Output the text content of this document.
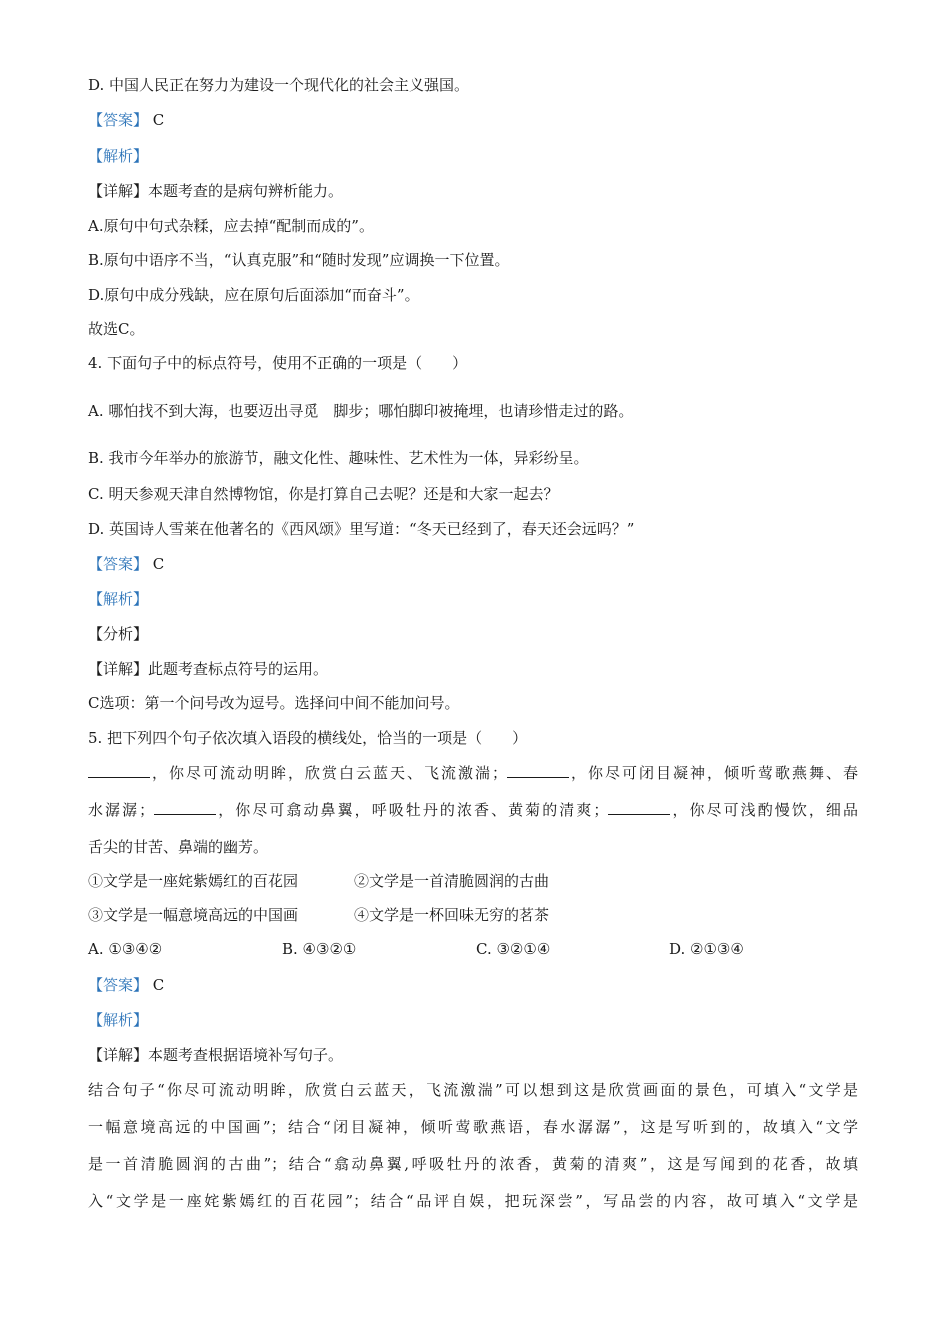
D. 中国人民正在努力为建设一个现代化的社会主义强国。
【答案】 C
【解析】
【详解】本题考查的是病句辨析能力。
A.原句中句式杂糅，应去掉“配制而成的”。
B.原句中语序不当，“认真克服”和“随时发现”应调换一下位置。
D.原句中成分残缺，应在原句后面添加“而奋斗”。
故选C。
4. 下面句子中的标点符号，使用不正确的一项是（　　）
A. 哪怕找不到大海，也要迈出寻觅　脚步；哪怕脚印被掩埋，也请珍惜走过的路。
B. 我市今年举办的旅游节，融文化性、趣味性、艺术性为一体，异彩纷呈。
C. 明天参观天津自然博物馆，你是打算自己去呢？还是和大家一起去？
D. 英国诗人雪莱在他著名的《西风颂》里写道：“冬天已经到了，春天还会远吗？”
【答案】 C
【解析】
【分析】
【详解】此题考查标点符号的运用。
C选项：第一个问号改为逗号。选择问中间不能加问号。
5. 把下列四个句子依次填入语段的横线处，恰当的一项是（　　）
，你尽可流动明眸，欣赏白云蓝天、飞流激湍；	，你尽可闭目凝神，倾听莺歌燕舞、春
水潺潺；	，你尽可翕动鼻翼，呼吸牡丹的浓香、黄菊的清爽；	，你尽可浅酌慢饮，细品
舌尖的甘苦、鼻端的幽芳。
①文学是一座姹紫嫣红的百花园	②文学是一首清脆圆润的古曲
③文学是一幅意境高远的中国画	④文学是一杯回味无穷的茗茶
A. ①③④②	B. ④③②①	C. ③②①④	D. ②①③④
【答案】 C
【解析】
【详解】本题考查根据语境补写句子。
结合句子“你尽可流动明眸，欣赏白云蓝天，飞流激湍”可以想到这是欣赏画面的景色，可填入“文学是
一幅意境高远的中国画”；结合“闭目凝神，倾听莺歌燕语，春水潺潺”，这是写听到的，故填入“文学
是一首清脆圆润的古曲”；结合“翕动鼻翼,呼吸牡丹的浓香，黄菊的清爽”，这是写闻到的花香，故填
入“文学是一座姹紫嫣红的百花园”；结合“品评自娱，把玩深尝”，写品尝的内容，故可填入“文学是
